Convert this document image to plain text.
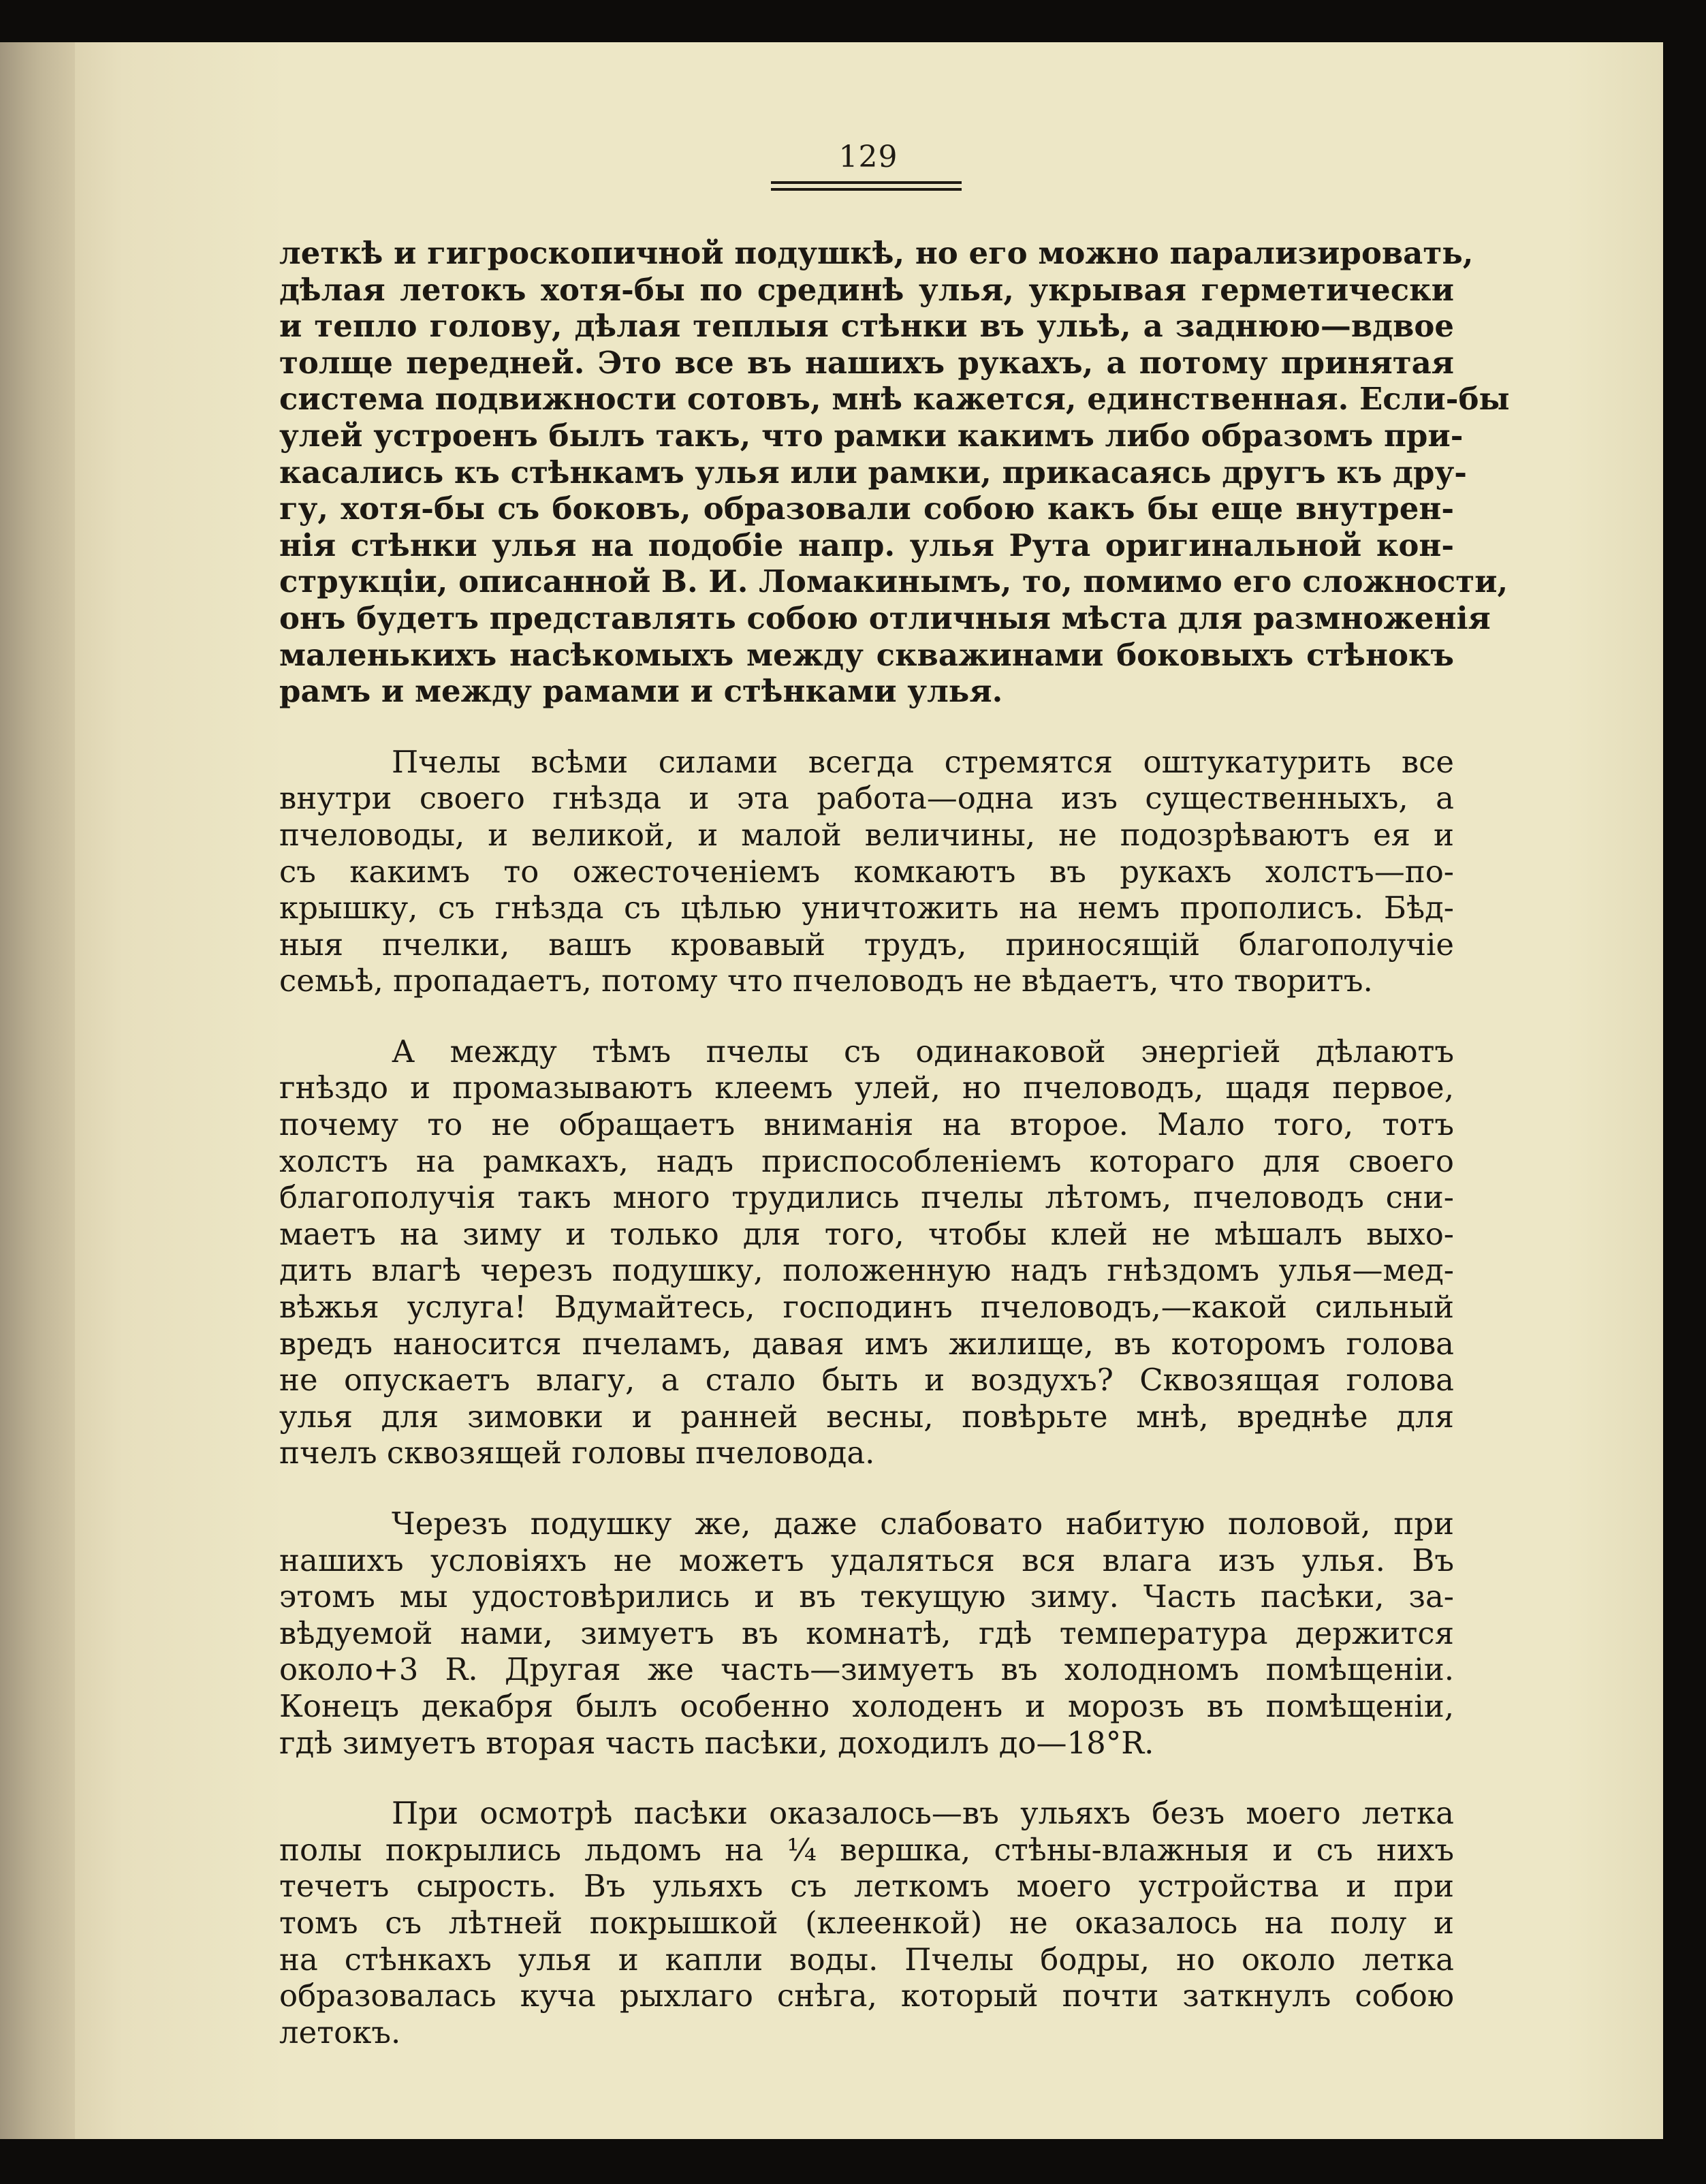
129
леткѣ и гигроскопичной подушкѣ, но его можно парализировать,
дѣлая летокъ хотя-бы по срединѣ улья, укрывая герметически
и тепло голову, дѣлая теплыя стѣнки въ ульѣ, а заднюю—вдвое
толще передней. Это все въ нашихъ рукахъ, а потому принятая
система подвижности сотовъ, мнѣ кажется, единственная. Если-бы
улей устроенъ былъ такъ, что рамки какимъ либо образомъ при-
касались къ стѣнкамъ улья или рамки, прикасаясь другъ къ дру-
гу, хотя-бы съ боковъ, образовали собою какъ бы еще внутрен-
нія стѣнки улья на подобіе напр. улья Рута оригинальной кон-
струкціи, описанной В. И. Ломакинымъ, то, помимо его сложности,
онъ будетъ представлять собою отличныя мѣста для размноженія
маленькихъ насѣкомыхъ между скважинами боковыхъ стѣнокъ
рамъ и между рамами и стѣнками улья.
Пчелы всѣми силами всегда стремятся оштукатурить все
внутри своего гнѣзда и эта работа—одна изъ существенныхъ, а
пчеловоды, и великой, и малой величины, не подозрѣваютъ ея и
съ какимъ то ожесточеніемъ комкаютъ въ рукахъ холстъ—по-
крышку, съ гнѣзда съ цѣлью уничтожить на немъ прополисъ. Бѣд-
ныя пчелки, вашъ кровавый трудъ, приносящій благополучіе
семьѣ, пропадаетъ, потому что пчеловодъ не вѣдаетъ, что творитъ.
А между тѣмъ пчелы съ одинаковой энергіей дѣлаютъ
гнѣздо и промазываютъ клеемъ улей, но пчеловодъ, щадя первое,
почему то не обращаетъ вниманія на второе. Мало того, тотъ
холстъ на рамкахъ, надъ приспособленіемъ котораго для своего
благополучія такъ много трудились пчелы лѣтомъ, пчеловодъ сни-
маетъ на зиму и только для того, чтобы клей не мѣшалъ выхо-
дить влагѣ черезъ подушку, положенную надъ гнѣздомъ улья—мед-
вѣжья услуга! Вдумайтесь, господинъ пчеловодъ,—какой сильный
вредъ наносится пчеламъ, давая имъ жилище, въ которомъ голова
не опускаетъ влагу, а стало быть и воздухъ? Сквозящая голова
улья для зимовки и ранней весны, повѣрьте мнѣ, вреднѣе для
пчелъ сквозящей головы пчеловода.
Черезъ подушку же, даже слабовато набитую половой, при
нашихъ условіяхъ не можетъ удаляться вся влага изъ улья. Въ
этомъ мы удостовѣрились и въ текущую зиму. Часть пасѣки, за-
вѣдуемой нами, зимуетъ въ комнатѣ, гдѣ температура держится
около+3 R. Другая же часть—зимуетъ въ холодномъ помѣщеніи.
Конецъ декабря былъ особенно холоденъ и морозъ въ помѣщеніи,
гдѣ зимуетъ вторая часть пасѣки, доходилъ до—18°R.
При осмотрѣ пасѣки оказалось—въ ульяхъ безъ моего летка
полы покрылись льдомъ на ¼ вершка, стѣны-влажныя и съ нихъ
течетъ сырость. Въ ульяхъ съ леткомъ моего устройства и при
томъ съ лѣтней покрышкой (клеенкой) не оказалось на полу и
на стѣнкахъ улья и капли воды. Пчелы бодры, но около летка
образовалась куча рыхлаго снѣга, который почти заткнулъ собою
летокъ.
